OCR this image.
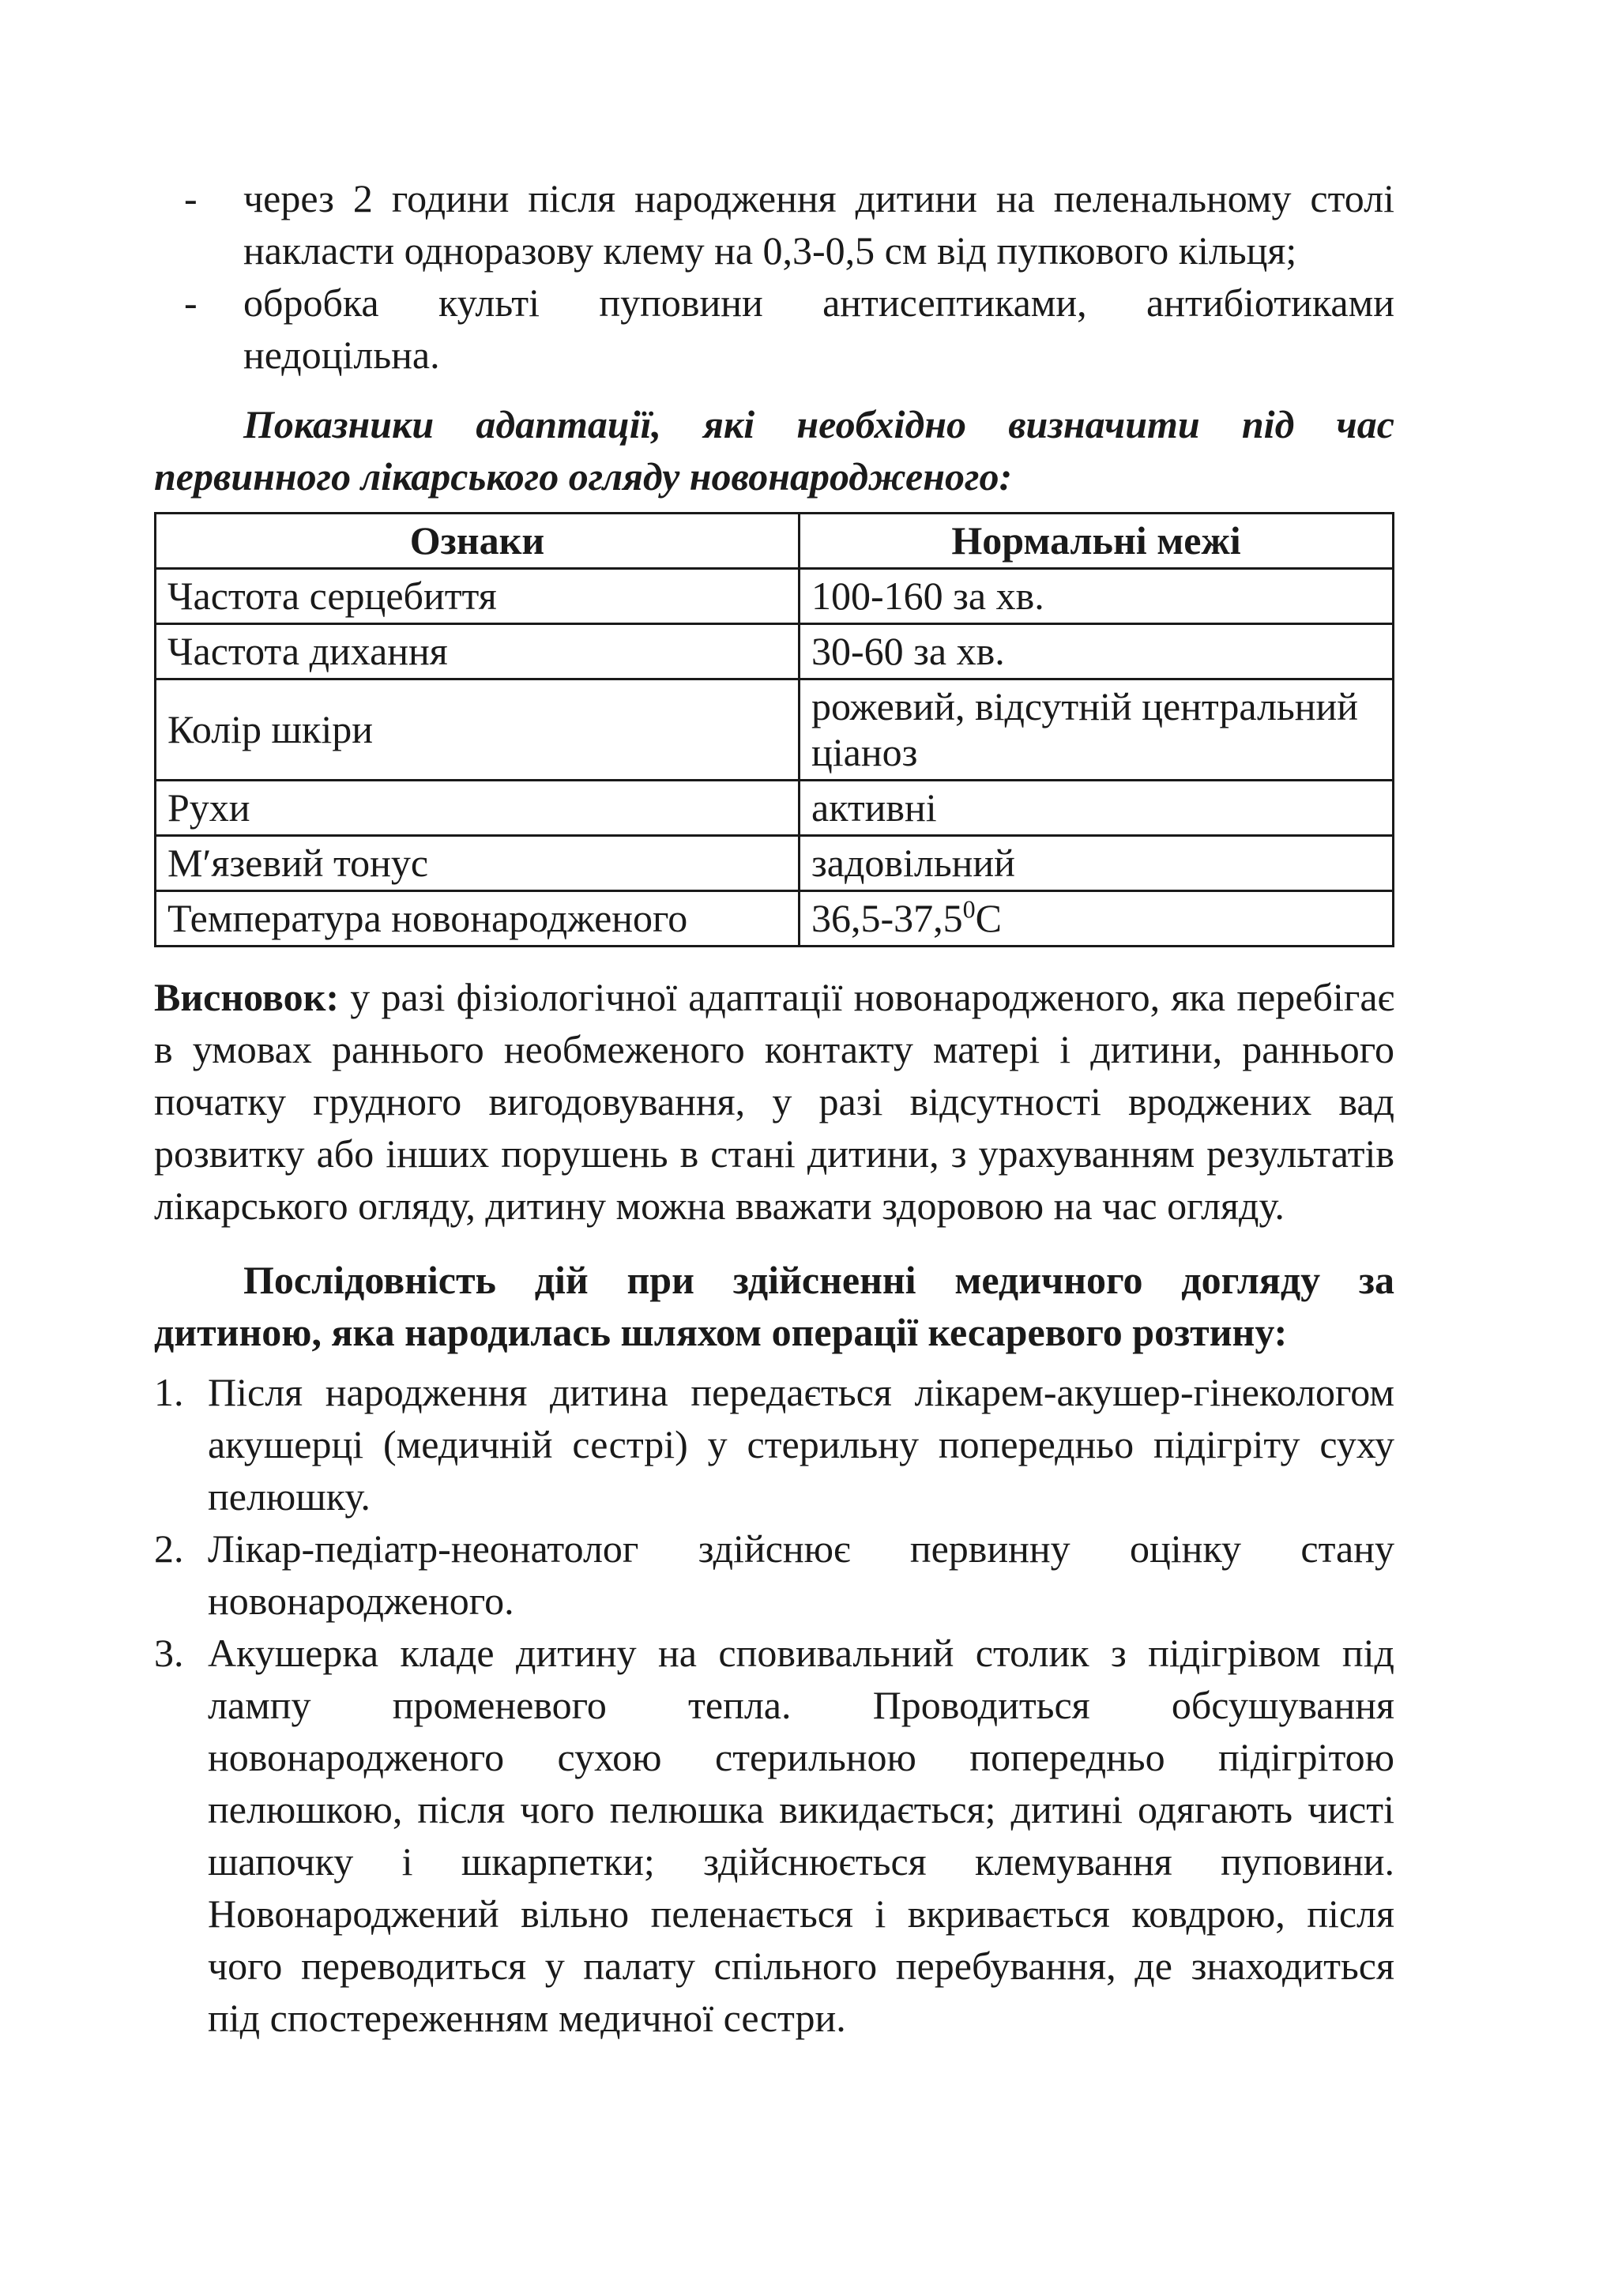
- через 2 години після народження дитини на пеленальному столі накласти одноразову клему на 0,3-0,5 см від пупкового кільця;
- обробка культі пуповини антисептиками, антибіотиками недоцільна.
Показники адаптації, які необхідно визначити під час первинного лікарського огляду новонародженого:
Ознаки	Нормальні межі
Частота серцебиття	100-160 за хв.
Частота дихання	30-60 за хв.
Колір шкіри	рожевий, відсутній центральний ціаноз
Рухи	активні
М′язевий тонус	задовільний
Температура новонародженого	36,5-37,5$^0$C

Висновок: у разі фізіологічної адаптації новонародженого, яка перебігає в умовах раннього необмеженого контакту матері і дитини, раннього початку грудного вигодовування, у разі відсутності вроджених вад розвитку або інших порушень в стані дитини, з урахуванням результатів лікарського огляду, дитину можна вважати здоровою на час огляду.

Послідовність дій при здійсненні медичного догляду за дитиною, яка народилась шляхом операції кесаревого розтину:
1. Після народження дитина передається лікарем-акушер-гінекологом акушерці (медичній сестрі) у стерильну попередньо підігріту суху пелюшку.
2. Лікар-педіатр-неонатолог здійснює первинну оцінку стану новонародженого.
3. Акушерка кладе дитину на сповивальний столик з підігрівом під лампу променевого тепла. Проводиться обсушування новонародженого сухою стерильною попередньо підігрітою пелюшкою, після чого пелюшка викидається; дитині одягають чисті шапочку і шкарпетки; здійснюється клемування пуповини. Новонароджений вільно пеленається і вкривається ковдрою, після чого переводиться у палату спільного перебування, де знаходиться під спостереженням медичної сестри.
